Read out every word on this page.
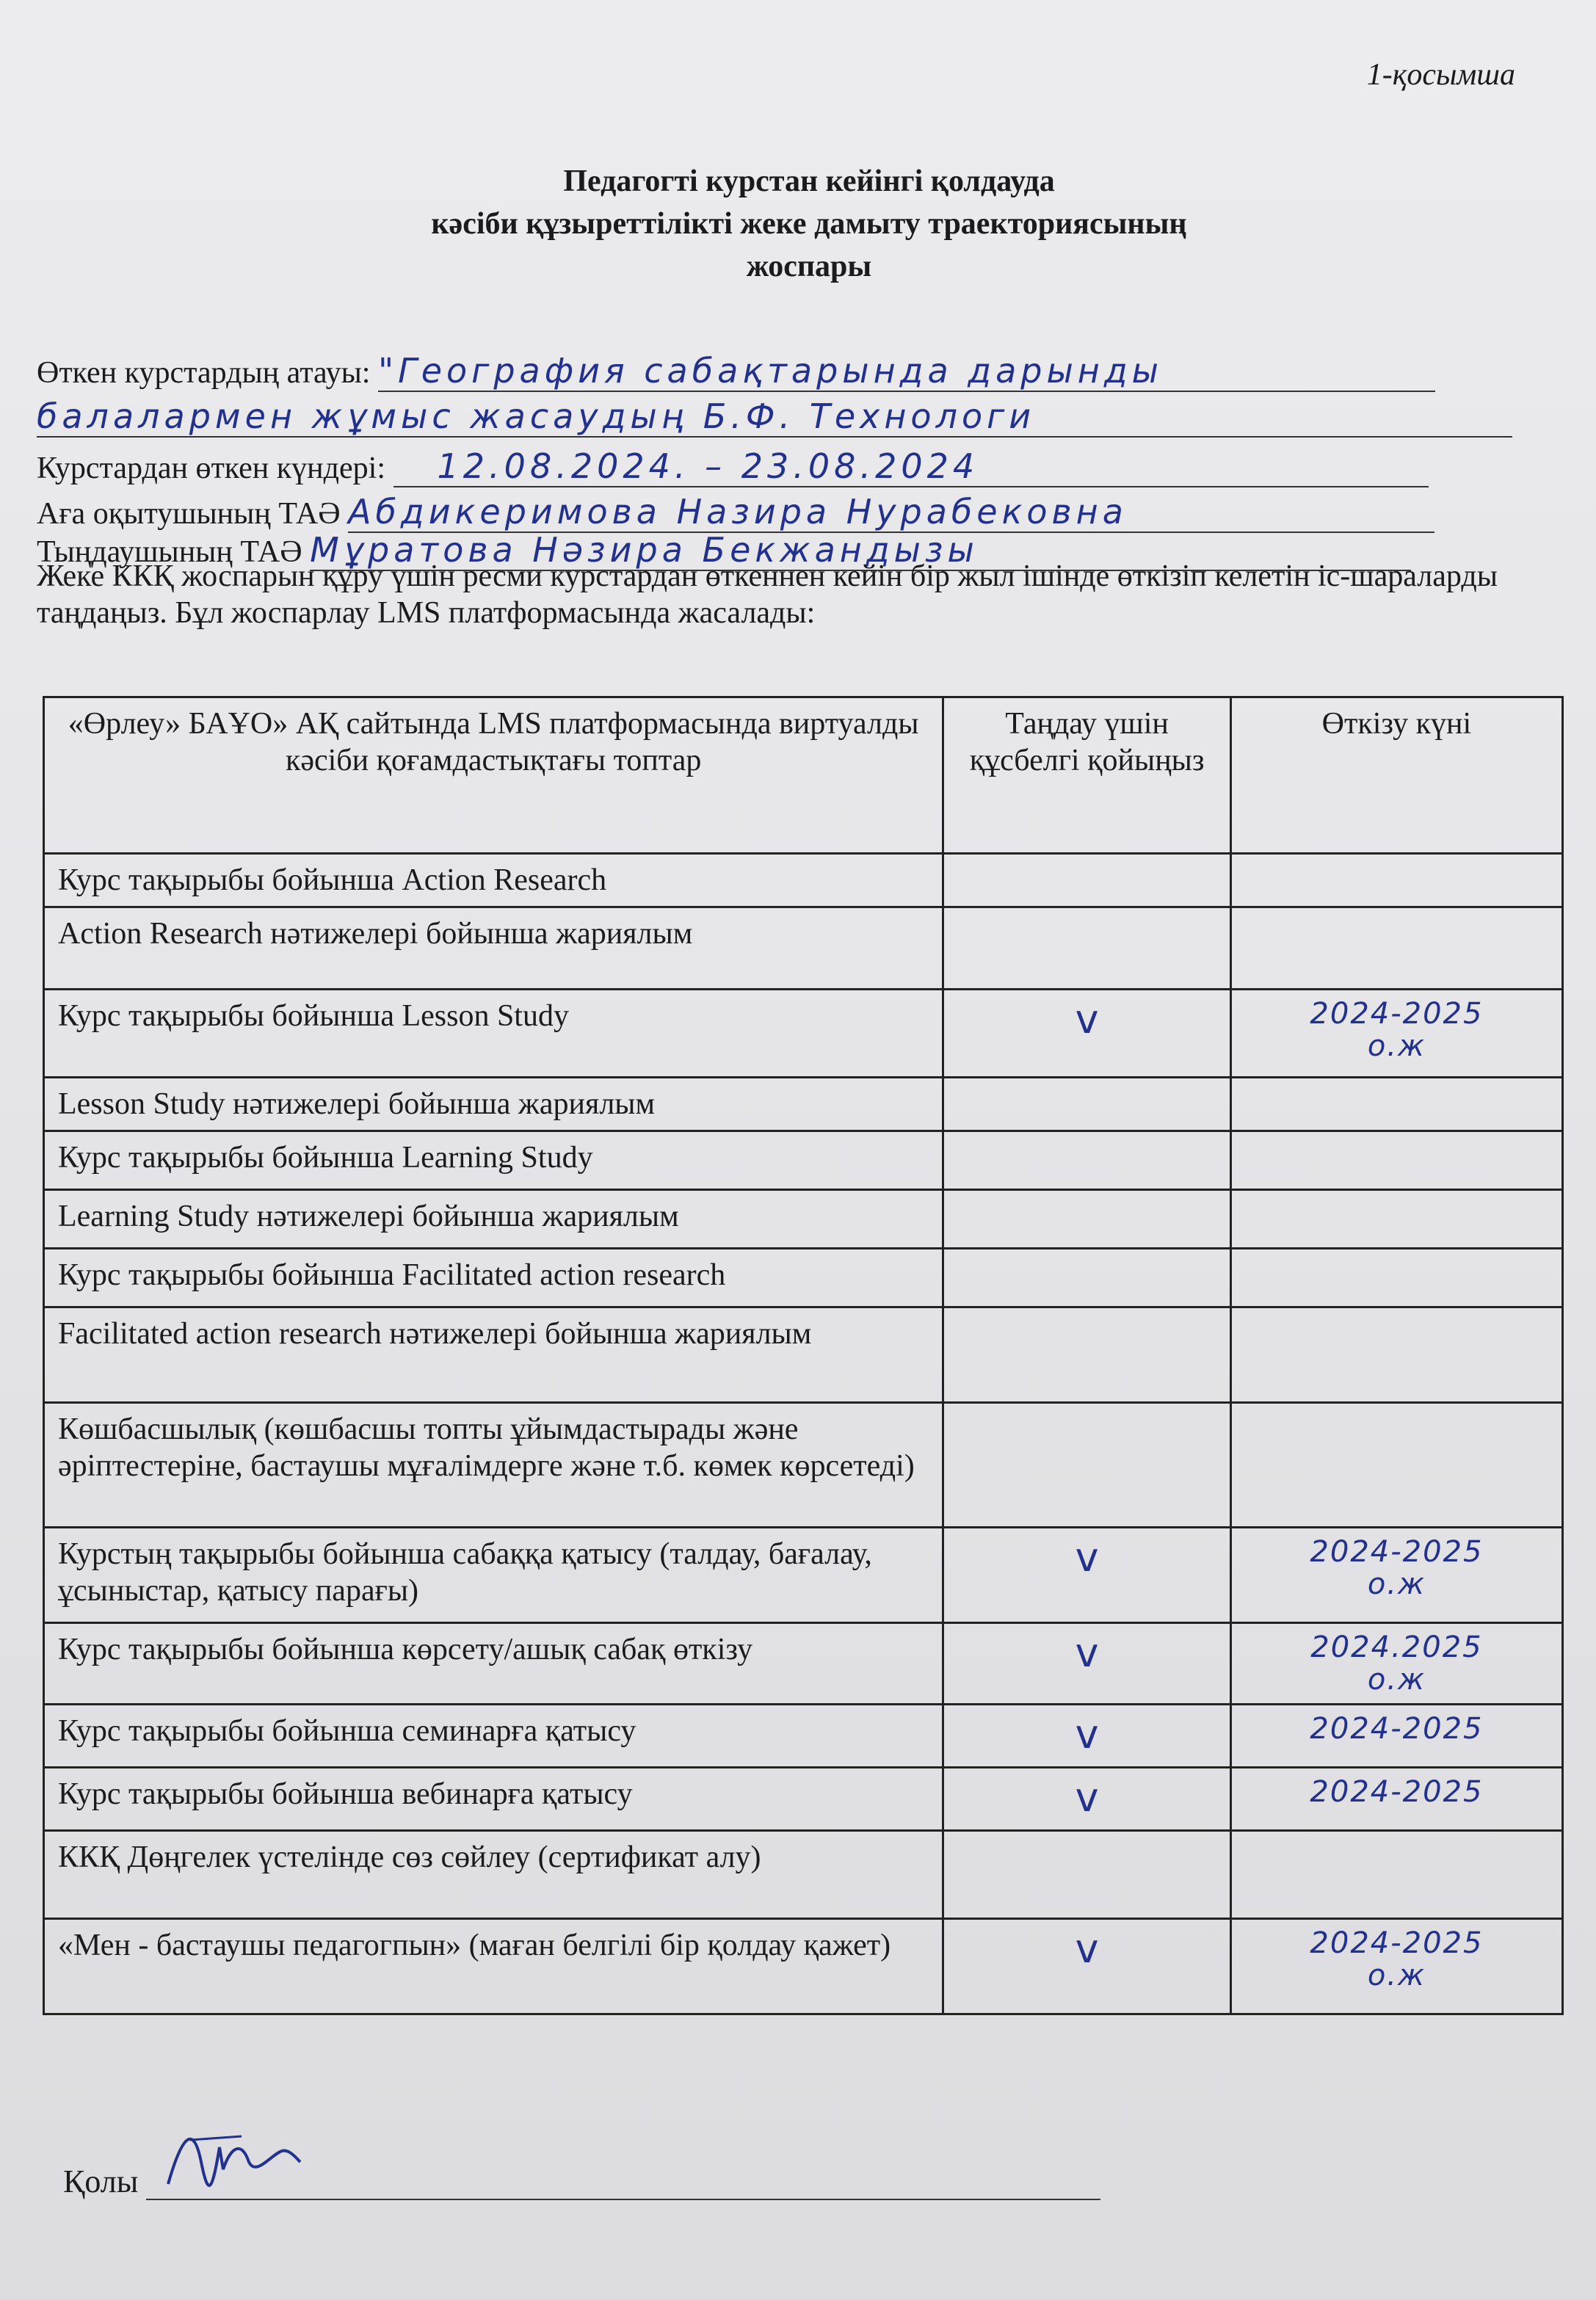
1-қосымша
Педагогті курстан кейінгі қолдауда
кәсіби құзыреттілікті жеке дамыту траекториясының
жоспары
Өткен курстардың атауы: "География сабақтарында дарынды
балалармен жұмыс жасаудың Б.Ф. Технологи
Курстардан өткен күндері: 12.08.2024. – 23.08.2024
Аға оқытушының ТАӘ Абдикеримова Назира Нурабековна
Тыңдаушының ТАӘ Мұратова Нәзира Бекжандызы
Жеке ККҚ жоспарын құру үшін ресми курстардан өткеннен кейін бір жыл ішінде өткізіп келетін іс-шараларды таңдаңыз. Бұл жоспарлау LMS платформасында жасалады:
«Өрлеу» БАҰО» АҚ сайтында LMS платформасында виртуалды кәсіби қоғамдастықтағы топтар	Таңдау үшін құсбелгі қойыңыз	Өткізу күні
Курс тақырыбы бойынша Action Research		

Action Research нәтижелері бойынша жариялым		

Курс тақырыбы бойынша Lesson Study	v	2024-2025
о.ж

Lesson Study нәтижелері бойынша жариялым		

Курс тақырыбы бойынша Learning Study		

Learning Study нәтижелері бойынша жариялым		

Курс тақырыбы бойынша Facilitated action research		

Facilitated action research нәтижелері бойынша жариялым		

Көшбасшылық (көшбасшы топты ұйымдастырады және әріптестеріне, бастаушы мұғалімдерге және т.б. көмек көрсетеді)		

Курстың тақырыбы бойынша сабаққа қатысу (талдау, бағалау, ұсыныстар, қатысу парағы)	v	2024-2025
о.ж

Курс тақырыбы бойынша көрсету/ашық сабақ өткізу	v	2024.2025
о.ж

Курс тақырыбы бойынша семинарға қатысу	v	2024-2025

Курс тақырыбы бойынша вебинарға қатысу	v	2024-2025

ККҚ Дөңгелек үстелінде сөз сөйлеу (сертификат алу)		

«Мен - бастаушы педагогпын» (маған белгілі бір қолдау қажет)	v	2024-2025
о.ж
Қолы
